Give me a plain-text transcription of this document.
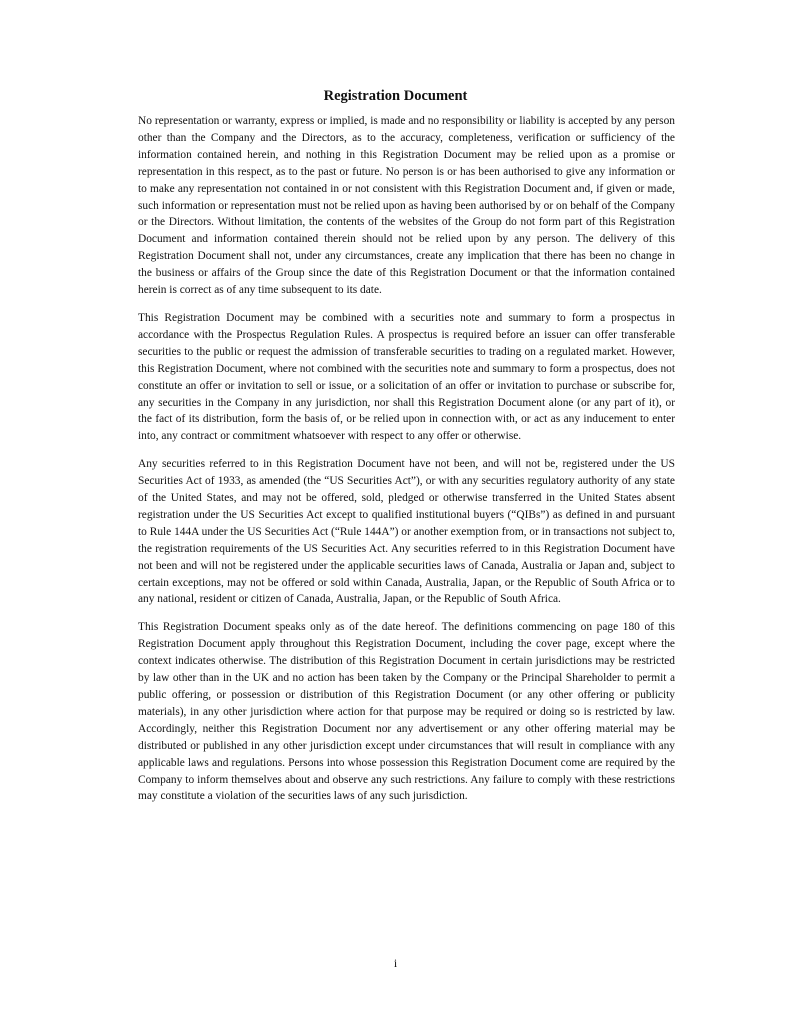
Registration Document

No representation or warranty, express or implied, is made and no responsibility or liability is accepted by any person other than the Company and the Directors, as to the accuracy, completeness, verification or sufficiency of the information contained herein, and nothing in this Registration Document may be relied upon as a promise or representation in this respect, as to the past or future. No person is or has been authorised to give any information or to make any representation not contained in or not consistent with this Registration Document and, if given or made, such information or representation must not be relied upon as having been authorised by or on behalf of the Company or the Directors. Without limitation, the contents of the websites of the Group do not form part of this Registration Document and information contained therein should not be relied upon by any person. The delivery of this Registration Document shall not, under any circumstances, create any implication that there has been no change in the business or affairs of the Group since the date of this Registration Document or that the information contained herein is correct as of any time subsequent to its date.

This Registration Document may be combined with a securities note and summary to form a prospectus in accordance with the Prospectus Regulation Rules. A prospectus is required before an issuer can offer transferable securities to the public or request the admission of transferable securities to trading on a regulated market. However, this Registration Document, where not combined with the securities note and summary to form a prospectus, does not constitute an offer or invitation to sell or issue, or a solicitation of an offer or invitation to purchase or subscribe for, any securities in the Company in any jurisdiction, nor shall this Registration Document alone (or any part of it), or the fact of its distribution, form the basis of, or be relied upon in connection with, or act as any inducement to enter into, any contract or commitment whatsoever with respect to any offer or otherwise.

Any securities referred to in this Registration Document have not been, and will not be, registered under the US Securities Act of 1933, as amended (the “US Securities Act”), or with any securities regulatory authority of any state of the United States, and may not be offered, sold, pledged or otherwise transferred in the United States absent registration under the US Securities Act except to qualified institutional buyers (“QIBs”) as defined in and pursuant to Rule 144A under the US Securities Act (“Rule 144A”) or another exemption from, or in transactions not subject to, the registration requirements of the US Securities Act. Any securities referred to in this Registration Document have not been and will not be registered under the applicable securities laws of Canada, Australia or Japan and, subject to certain exceptions, may not be offered or sold within Canada, Australia, Japan, or the Republic of South Africa or to any national, resident or citizen of Canada, Australia, Japan, or the Republic of South Africa.

This Registration Document speaks only as of the date hereof. The definitions commencing on page 180 of this Registration Document apply throughout this Registration Document, including the cover page, except where the context indicates otherwise. The distribution of this Registration Document in certain jurisdictions may be restricted by law other than in the UK and no action has been taken by the Company or the Principal Shareholder to permit a public offering, or possession or distribution of this Registration Document (or any other offering or publicity materials), in any other jurisdiction where action for that purpose may be required or doing so is restricted by law. Accordingly, neither this Registration Document nor any advertisement or any other offering material may be distributed or published in any other jurisdiction except under circumstances that will result in compliance with any applicable laws and regulations. Persons into whose possession this Registration Document come are required by the Company to inform themselves about and observe any such restrictions. Any failure to comply with these restrictions may constitute a violation of the securities laws of any such jurisdiction.

i
